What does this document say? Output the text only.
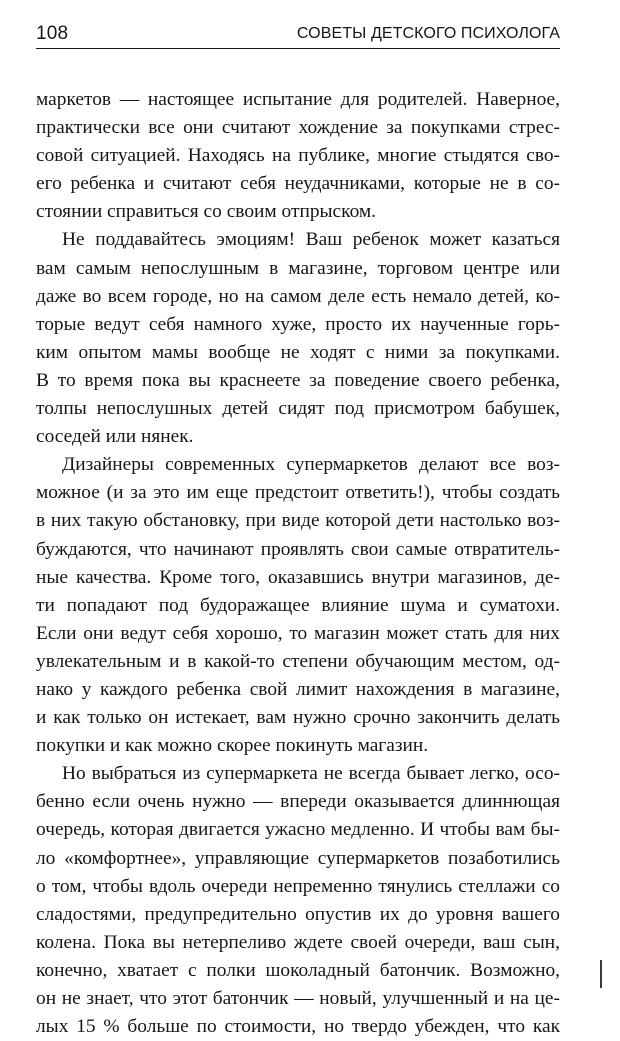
108	СОВЕТЫ ДЕТСКОГО ПСИХОЛОГА

маркетов — настоящее испытание для родителей. Наверное,
практически все они считают хождение за покупками стрес-
совой ситуацией. Находясь на публике, многие стыдятся сво-
его ребенка и считают себя неудачниками, которые не в со-
стоянии справиться со своим отпрыском.

Не поддавайтесь эмоциям! Ваш ребенок может казаться
вам самым непослушным в магазине, торговом центре или
даже во всем городе, но на самом деле есть немало детей, ко-
торые ведут себя намного хуже, просто их наученные горь-
ким опытом мамы вообще не ходят с ними за покупками.
В то время пока вы краснеете за поведение своего ребенка,
толпы непослушных детей сидят под присмотром бабушек,
соседей или нянек.

Дизайнеры современных супермаркетов делают все воз-
можное (и за это им еще предстоит ответить!), чтобы создать
в них такую обстановку, при виде которой дети настолько воз-
буждаются, что начинают проявлять свои самые отвратитель-
ные качества. Кроме того, оказавшись внутри магазинов, де-
ти попадают под будоражащее влияние шума и суматохи.
Если они ведут себя хорошо, то магазин может стать для них
увлекательным и в какой-то степени обучающим местом, од-
нако у каждого ребенка свой лимит нахождения в магазине,
и как только он истекает, вам нужно срочно закончить делать
покупки и как можно скорее покинуть магазин.

Но выбраться из супермаркета не всегда бывает легко, осо-
бенно если очень нужно — впереди оказывается длиннющая
очередь, которая двигается ужасно медленно. И чтобы вам бы-
ло «комфортнее», управляющие супермаркетов позаботились
о том, чтобы вдоль очереди непременно тянулись стеллажи со
сладостями, предупредительно опустив их до уровня вашего
колена. Пока вы нетерпеливо ждете своей очереди, ваш сын,
конечно, хватает с полки шоколадный батончик. Возможно,
он не знает, что этот батончик — новый, улучшенный и на це-
лых 15 % больше по стоимости, но твердо убежден, что как
